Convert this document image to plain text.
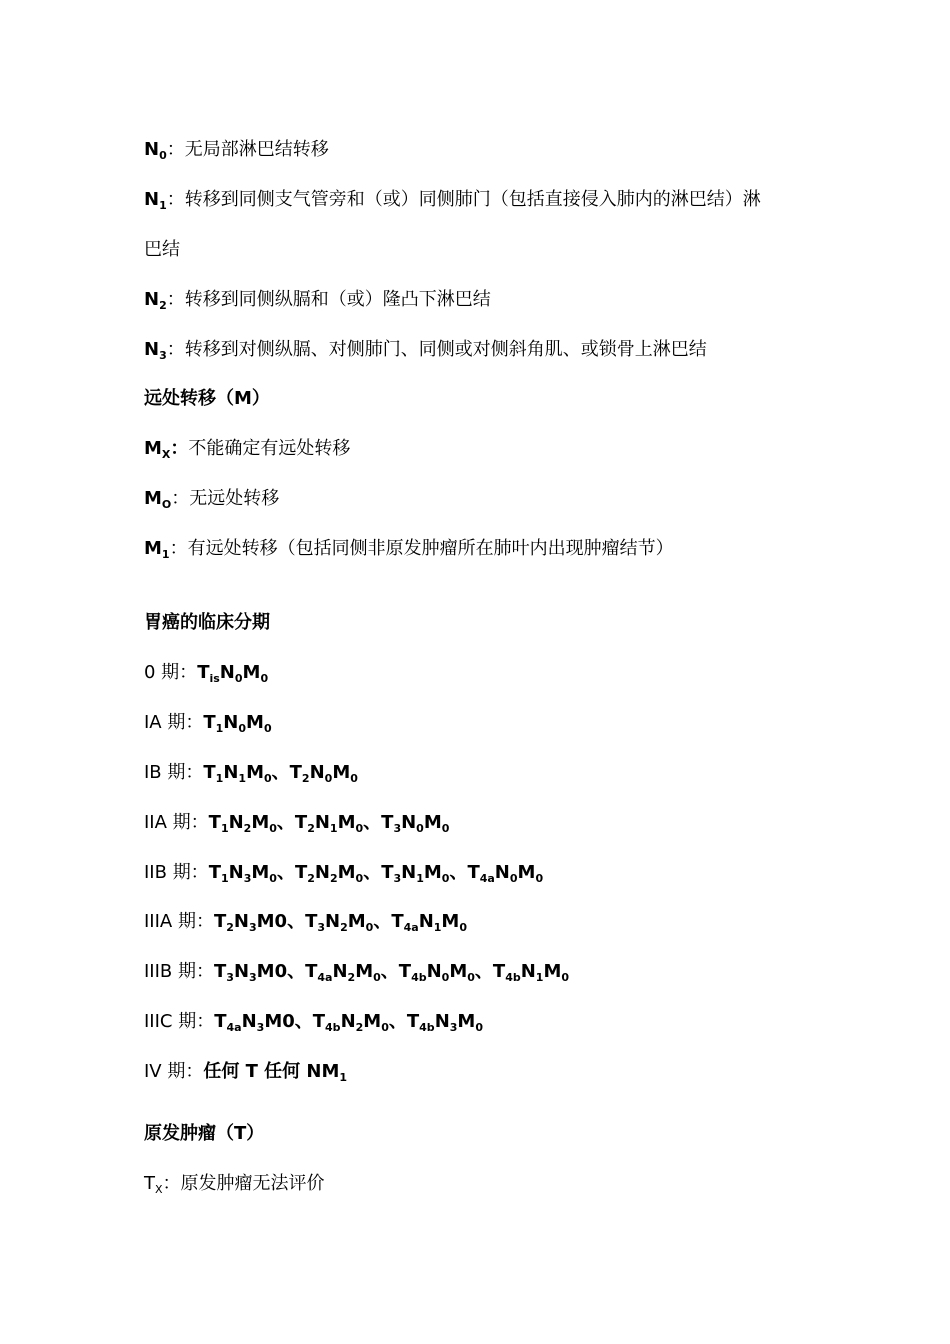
$N_0$：无局部淋巴结转移
$N_1$：转移到同侧支气管旁和（或）同侧肺门（包括直接侵入肺内的淋巴结）淋
巴结
$N_2$：转移到同侧纵膈和（或）隆凸下淋巴结
$N_3$：转移到对侧纵膈、对侧肺门、同侧或对侧斜角肌、或锁骨上淋巴结
远处转移（M）
$M_X$：不能确定有远处转移
$M_O$：无远处转移
$M_1$：有远处转移（包括同侧非原发肿瘤所在肺叶内出现肿瘤结节）
胃癌的临床分期
0 期：$T_{is}N_0M_0$
IA 期：$T_1N_0M_0$
IB 期：$T_1N_1M_0$、$T_2N_0M_0$
IIA 期：$T_1N_2M_0$、$T_2N_1M_0$、$T_3N_0M_0$
IIB 期：$T_1N_3M_0$、$T_2N_2M_0$、$T_3N_1M_0$、$T_{4a}N_0M_0$
IIIA 期：$T_2N_3M0$、$T_3N_2M_0$、$T_{4a}N_1M_0$
IIIB 期：$T_3N_3M0$、$T_{4a}N_2M_0$、$T_{4b}N_0M_0$、$T_{4b}N_1M_0$
IIIC 期：$T_{4a}N_3M0$、$T_{4b}N_2M_0$、$T_{4b}N_3M_0$
IV 期：任何 T 任何 $NM_1$
原发肿瘤（T）
$T_X$：原发肿瘤无法评价
